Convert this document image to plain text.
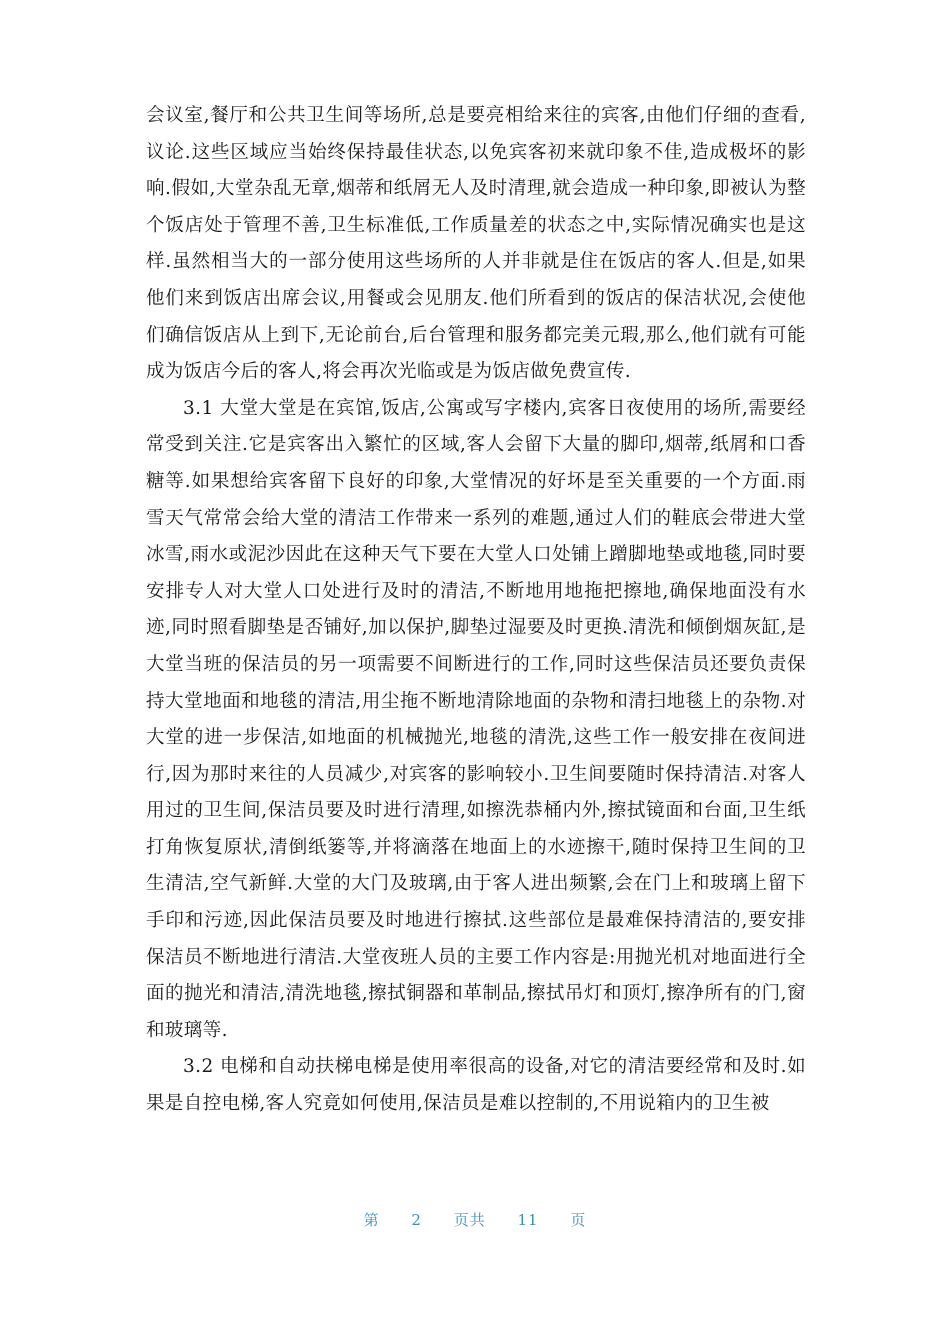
会议室,餐厅和公共卫生间等场所,总是要亮相给来往的宾客,由他们仔细的查看,议论.这些区域应当始终保持最佳状态,以免宾客初来就印象不佳,造成极坏的影响.假如,大堂杂乱无章,烟蒂和纸屑无人及时清理,就会造成一种印象,即被认为整个饭店处于管理不善,卫生标准低,工作质量差的状态之中,实际情况确实也是这样.虽然相当大的一部分使用这些场所的人并非就是住在饭店的客人.但是,如果他们来到饭店出席会议,用餐或会见朋友.他们所看到的饭店的保洁状况,会使他们确信饭店从上到下,无论前台,后台管理和服务都完美元瑕,那么,他们就有可能成为饭店今后的客人,将会再次光临或是为饭店做免费宣传.

3.1 大堂大堂是在宾馆,饭店,公寓或写字楼内,宾客日夜使用的场所,需要经常受到关注.它是宾客出入繁忙的区域,客人会留下大量的脚印,烟蒂,纸屑和口香糖等.如果想给宾客留下良好的印象,大堂情况的好坏是至关重要的一个方面.雨雪天气常常会给大堂的清洁工作带来一系列的难题,通过人们的鞋底会带进大堂冰雪,雨水或泥沙因此在这种天气下要在大堂人口处铺上蹭脚地垫或地毯,同时要安排专人对大堂人口处进行及时的清洁,不断地用地拖把擦地,确保地面没有水迹,同时照看脚垫是否铺好,加以保护,脚垫过湿要及时更换.清洗和倾倒烟灰缸,是大堂当班的保洁员的另一项需要不间断进行的工作,同时这些保洁员还要负责保持大堂地面和地毯的清洁,用尘拖不断地清除地面的杂物和清扫地毯上的杂物.对大堂的进一步保洁,如地面的机械抛光,地毯的清洗,这些工作一般安排在夜间进行,因为那时来往的人员减少,对宾客的影响较小.卫生间要随时保持清洁.对客人用过的卫生间,保洁员要及时进行清理,如擦洗恭桶内外,擦拭镜面和台面,卫生纸打角恢复原状,清倒纸篓等,并将滴落在地面上的水迹擦干,随时保持卫生间的卫生清洁,空气新鲜.大堂的大门及玻璃,由于客人进出频繁,会在门上和玻璃上留下手印和污迹,因此保洁员要及时地进行擦拭.这些部位是最难保持清洁的,要安排保洁员不断地进行清洁.大堂夜班人员的主要工作内容是:用抛光机对地面进行全面的抛光和清洁,清洗地毯,擦拭铜器和革制品,擦拭吊灯和顶灯,擦净所有的门,窗和玻璃等.

3.2 电梯和自动扶梯电梯是使用率很高的设备,对它的清洁要经常和及时.如果是自控电梯,客人究竟如何使用,保洁员是难以控制的,不用说箱内的卫生被

第 2 页共 11 页
